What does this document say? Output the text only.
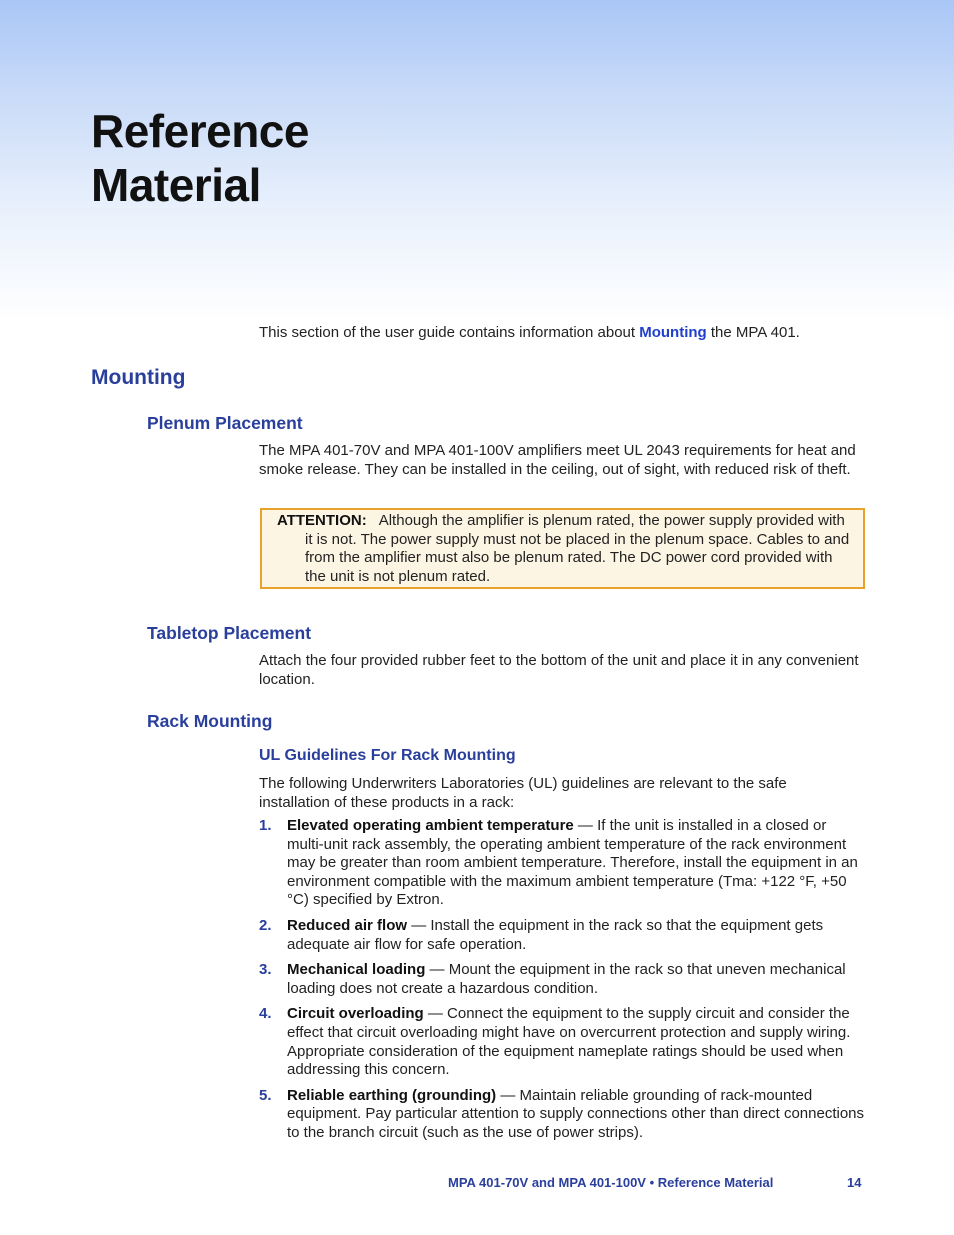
Reference
Material

This section of the user guide contains information about Mounting the MPA 401.

Mounting
Plenum Placement

The MPA 401-70V and MPA 401-100V amplifiers meet UL 2043 requirements for heat and smoke release. They can be installed in the ceiling, out of sight, with reduced risk of theft.

ATTENTION: Although the amplifier is plenum rated, the power supply provided with it is not. The power supply must not be placed in the plenum space. Cables to and from the amplifier must also be plenum rated. The DC power cord provided with the unit is not plenum rated.

Tabletop Placement

Attach the four provided rubber feet to the bottom of the unit and place it in any convenient location.

Rack Mounting
UL Guidelines For Rack Mounting

The following Underwriters Laboratories (UL) guidelines are relevant to the safe installation of these products in a rack:

1. Elevated operating ambient temperature — If the unit is installed in a closed or multi-unit rack assembly, the operating ambient temperature of the rack environment may be greater than room ambient temperature. Therefore, install the equipment in an environment compatible with the maximum ambient temperature (Tma: +122 °F, +50 °C) specified by Extron.
2. Reduced air flow — Install the equipment in the rack so that the equipment gets adequate air flow for safe operation.
3. Mechanical loading — Mount the equipment in the rack so that uneven mechanical loading does not create a hazardous condition.
4. Circuit overloading — Connect the equipment to the supply circuit and consider the effect that circuit overloading might have on overcurrent protection and supply wiring. Appropriate consideration of the equipment nameplate ratings should be used when addressing this concern.
5. Reliable earthing (grounding) — Maintain reliable grounding of rack-mounted equipment. Pay particular attention to supply connections other than direct connections to the branch circuit (such as the use of power strips).
MPA 401-70V and MPA 401-100V • Reference Material	14
